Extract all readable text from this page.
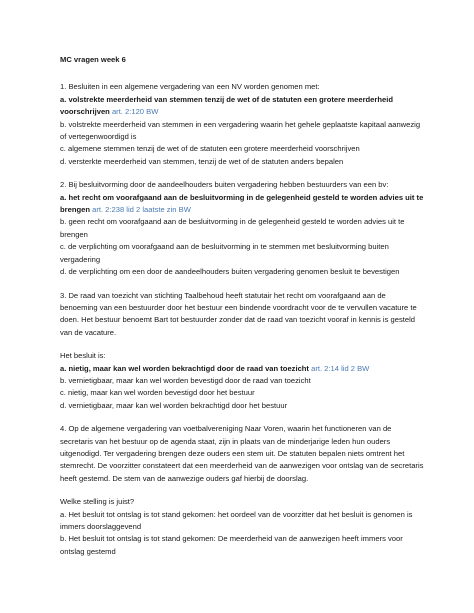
MC vragen week 6
1. Besluiten in een algemene vergadering van een NV worden genomen met:
a. volstrekte meerderheid van stemmen tenzij de wet of de statuten een grotere meerderheid voorschrijven art. 2:120 BW
b. volstrekte meerderheid van stemmen in een vergadering waarin het gehele geplaatste kapitaal aanwezig of vertegenwoordigd is
c. algemene stemmen tenzij de wet of de statuten een grotere meerderheid voorschrijven
d. versterkte meerderheid van stemmen, tenzij de wet of de statuten anders bepalen
2. Bij besluitvorming door de aandeelhouders buiten vergadering hebben bestuurders van een bv:
a. het recht om voorafgaand aan de besluitvorming in de gelegenheid gesteld te worden advies uit te brengen art. 2:238 lid 2 laatste zin BW
b. geen recht om voorafgaand aan de besluitvorming in de gelegenheid gesteld te worden advies uit te brengen
c. de verplichting om voorafgaand aan de besluitvorming in te stemmen met besluitvorming buiten vergadering
d. de verplichting om een door de aandeelhouders buiten vergadering genomen besluit te bevestigen
3. De raad van toezicht van stichting Taalbehoud heeft statutair het recht om voorafgaand aan de benoeming van een bestuurder door het bestuur een bindende voordracht voor de te vervullen vacature te doen. Het bestuur benoemt Bart tot bestuurder zonder dat de raad van toezicht vooraf in kennis is gesteld van de vacature.
Het besluit is:
a. nietig, maar kan wel worden bekrachtigd door de raad van toezicht art. 2:14 lid 2 BW
b. vernietigbaar, maar kan wel worden bevestigd door de raad van toezicht
c. nietig, maar kan wel worden bevestigd door het bestuur
d. vernietigbaar, maar kan wel worden bekrachtigd door het bestuur
4. Op de algemene vergadering van voetbalvereniging Naar Voren, waarin het functioneren van de secretaris van het bestuur op de agenda staat, zijn in plaats van de minderjarige leden hun ouders uitgenodigd. Ter vergadering brengen deze ouders een stem uit. De statuten bepalen niets omtrent het stemrecht. De voorzitter constateert dat een meerderheid van de aanwezigen voor ontslag van de secretaris heeft gestemd. De stem van de aanwezige ouders gaf hierbij de doorslag.
Welke stelling is juist?
a. Het besluit tot ontslag is tot stand gekomen: het oordeel van de voorzitter dat het besluit is genomen is immers doorslaggevend
b. Het besluit tot ontslag is tot stand gekomen: De meerderheid van de aanwezigen heeft immers voor ontslag gestemd
